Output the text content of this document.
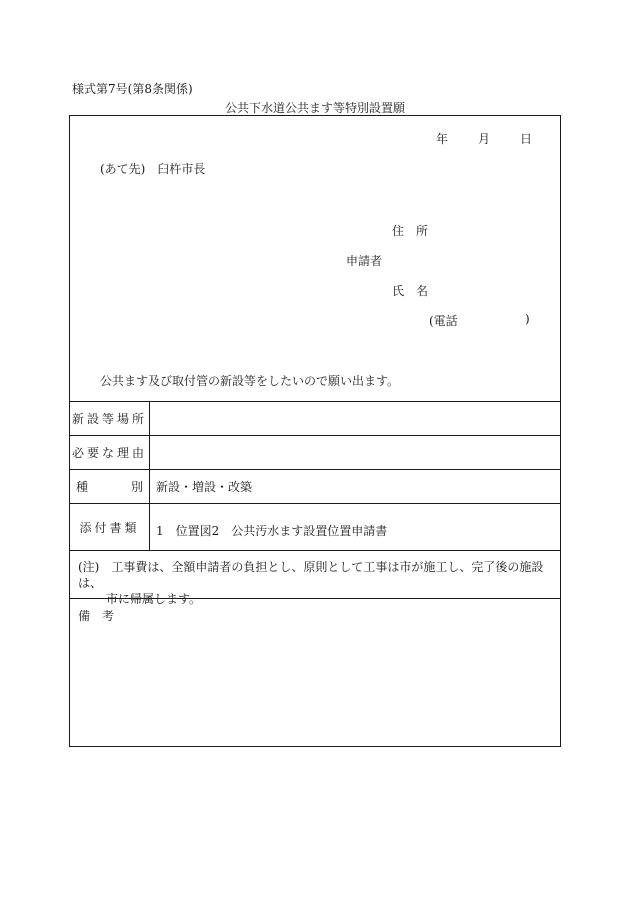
様式第7号(第8条関係)
公共下水道公共ます等特別設置願
年	月	日
(あて先)　臼杵市長
住　所
申請者
氏　名
(電話	)
公共ます及び取付管の新設等をしたいので願い出ます。
新設等場所
必要な理由
種	別	新設・増設・改築
添付書類	1　位置図 2　公共汚水ます設置位置申請書
(注)　工事費は、全額申請者の負担とし、原則として工事は市が施工し、完了後の施設は、
市に帰属します。
備考
